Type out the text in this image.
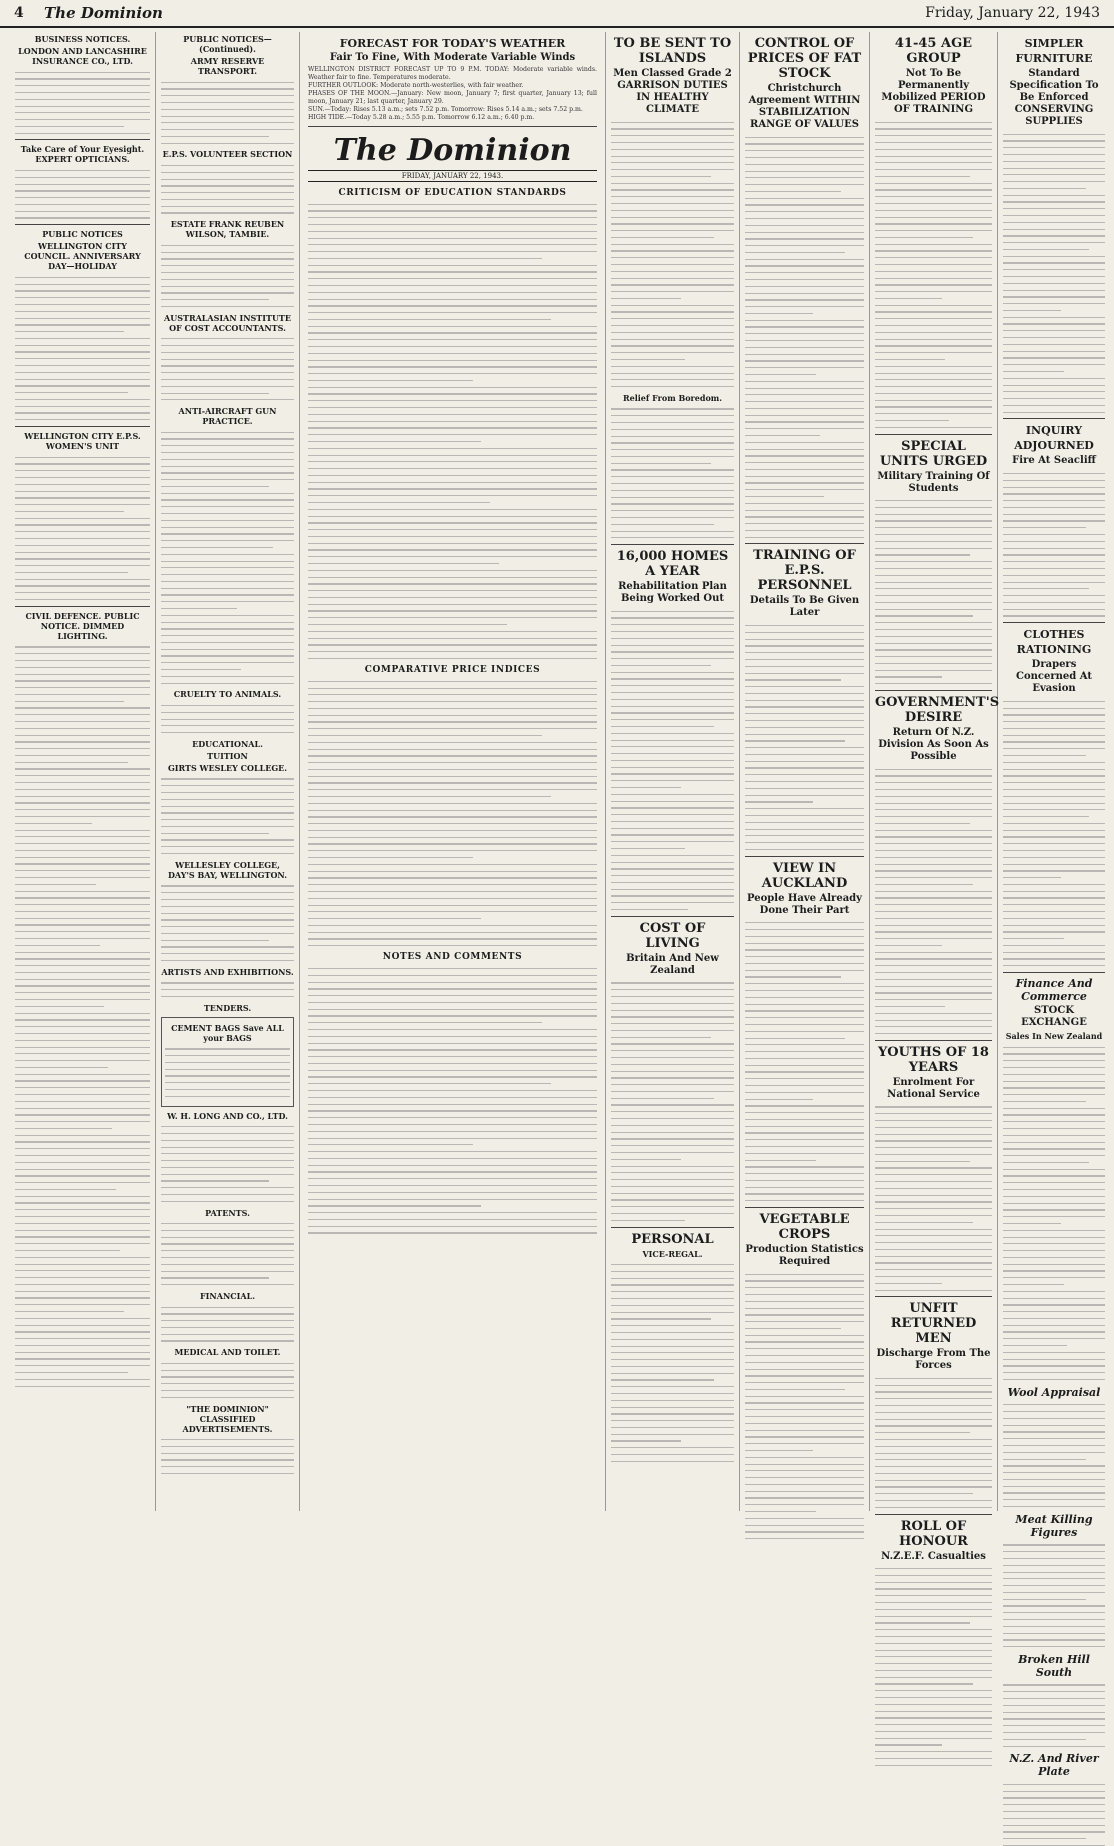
4	The Dominion	Friday, January 22, 1943
BUSINESS NOTICES.
LONDON AND LANCASHIRE INSURANCE CO., LTD.
Take Care of Your Eyesight. EXPERT OPTICIANS.
PUBLIC NOTICES
WELLINGTON CITY COUNCIL. ANNIVERSARY DAY—HOLIDAY
WELLINGTON CITY E.P.S. WOMEN'S UNIT
CIVIL DEFENCE. PUBLIC NOTICE. DIMMED LIGHTING.
PUBLIC NOTICES—(Continued).
ARMY RESERVE TRANSPORT.
E.P.S. VOLUNTEER SECTION
ESTATE FRANK REUBEN WILSON, TAMBIE.
AUSTRALASIAN INSTITUTE OF COST ACCOUNTANTS.
ANTI-AIRCRAFT GUN PRACTICE.
CRUELTY TO ANIMALS.
EDUCATIONAL.
TUITION
GIRTS WESLEY COLLEGE.
WELLESLEY COLLEGE, DAY'S BAY, WELLINGTON.
ARTISTS AND EXHIBITIONS.
TENDERS.
CEMENT BAGS Save ALL your BAGS
W. H. LONG AND CO., LTD.
PATENTS.
FINANCIAL.
MEDICAL AND TOILET.
"THE DOMINION" CLASSIFIED ADVERTISEMENTS.
FORECAST FOR TODAY'S WEATHER
Fair To Fine, With Moderate Variable Winds
WELLINGTON DISTRICT FORECAST UP TO 9 P.M. TODAY: Moderate variable winds. Weather fair to fine. Temperatures moderate.
FURTHER OUTLOOK: Moderate north-westerlies, with fair weather.
PHASES OF THE MOON.—January: New moon, January 7; first quarter, January 13; full moon, January 21; last quarter, January 29.
SUN.—Today: Rises 5.13 a.m.; sets 7.52 p.m. Tomorrow: Rises 5.14 a.m.; sets 7.52 p.m.
HIGH TIDE.—Today 5.28 a.m.; 5.55 p.m. Tomorrow 6.12 a.m.; 6.40 p.m.
The Dominion
FRIDAY, JANUARY 22, 1943.
CRITICISM OF EDUCATION STANDARDS
COMPARATIVE PRICE INDICES
NOTES AND COMMENTS
TO BE SENT TO ISLANDS
Men Classed Grade 2 GARRISON DUTIES IN HEALTHY CLIMATE
Relief From Boredom.
16,000 HOMES A YEAR
Rehabilitation Plan Being Worked Out
COST OF LIVING
Britain And New Zealand
PERSONAL
VICE-REGAL.
CONTROL OF PRICES OF FAT STOCK
Christchurch Agreement WITHIN STABILIZATION RANGE OF VALUES
TRAINING OF E.P.S. PERSONNEL
Details To Be Given Later
VIEW IN AUCKLAND
People Have Already Done Their Part
VEGETABLE CROPS
Production Statistics Required
41-45 AGE GROUP
Not To Be Permanently Mobilized PERIOD OF TRAINING
SPECIAL UNITS URGED
Military Training Of Students
GOVERNMENT'S DESIRE
Return Of N.Z. Division As Soon As Possible
YOUTHS OF 18 YEARS
Enrolment For National Service
UNFIT RETURNED MEN
Discharge From The Forces
ROLL OF HONOUR
N.Z.E.F. Casualties
SIMPLER FURNITURE
Standard Specification To Be Enforced CONSERVING SUPPLIES
INQUIRY ADJOURNED
Fire At Seacliff
CLOTHES RATIONING
Drapers Concerned At Evasion
Finance And Commerce
STOCK EXCHANGE
Sales In New Zealand
Wool Appraisal
Meat Killing Figures
Broken Hill South
N.Z. And River Plate
